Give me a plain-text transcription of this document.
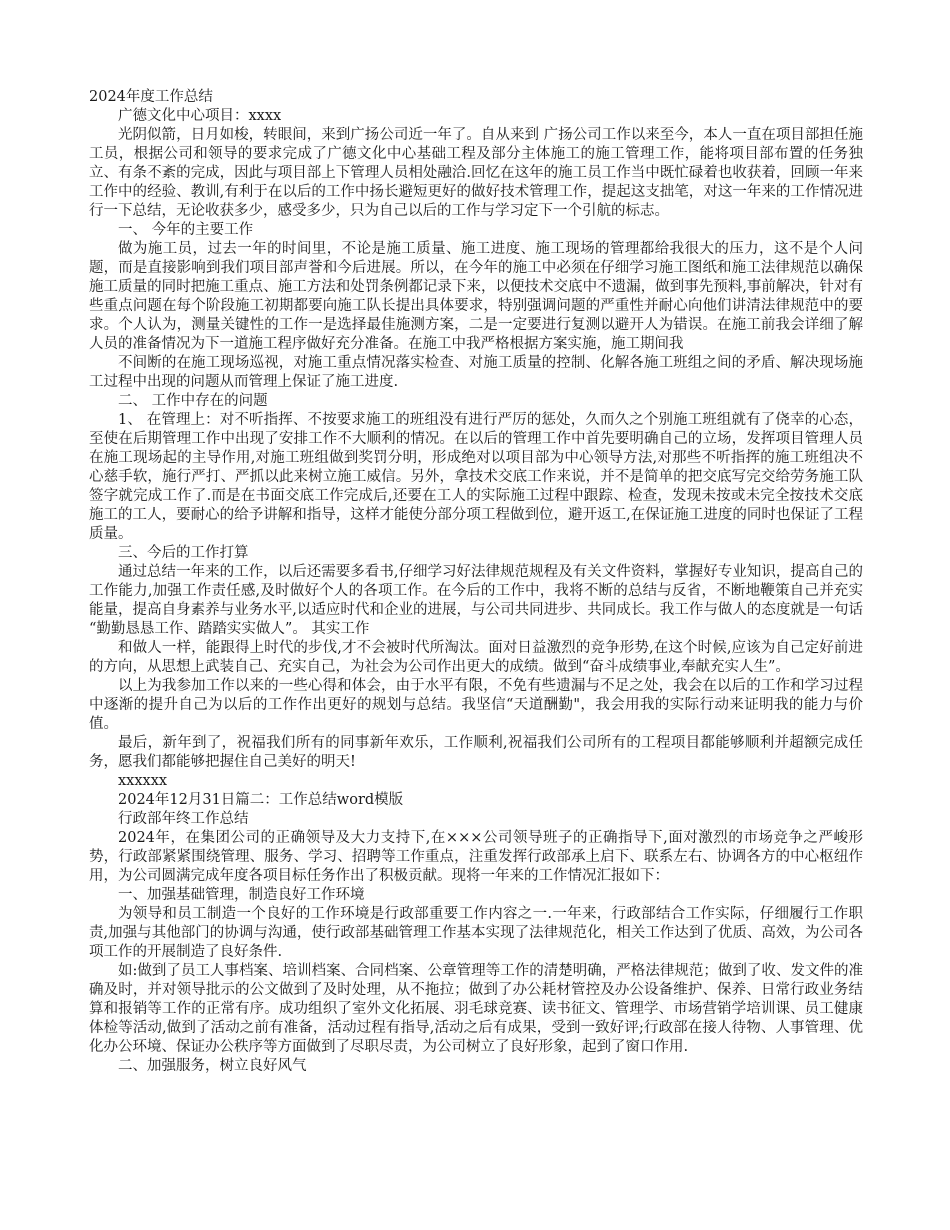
2024年度工作总结

广德文化中心项目：xxxx

光阴似箭，日月如梭，转眼间，来到广扬公司近一年了。自从来到 广扬公司工作以来至今，本人一直在项目部担任施工员，根据公司和领导的要求完成了广德文化中心基础工程及部分主体施工的施工管理工作，能将项目部布置的任务独立、有条不紊的完成，因此与项目部上下管理人员相处融洽.回忆在这年的施工员工作当中既忙碌着也收获着，回顾一年来工作中的经验、教训,有利于在以后的工作中扬长避短更好的做好技术管理工作，提起这支拙笔，对这一年来的工作情况进行一下总结，无论收获多少，感受多少，只为自己以后的工作与学习定下一个引航的标志。

一、 今年的主要工作

做为施工员，过去一年的时间里，不论是施工质量、施工进度、施工现场的管理都给我很大的压力，这不是个人问题，而是直接影响到我们项目部声誉和今后进展。所以，在今年的施工中必须在仔细学习施工图纸和施工法律规范以确保施工质量的同时把施工重点、施工方法和处罚条例都记录下来，以便技术交底中不遗漏，做到事先预料,事前解决，针对有些重点问题在每个阶段施工初期都要向施工队长提出具体要求，特别强调问题的严重性并耐心向他们讲清法律规范中的要求。个人认为，测量关键性的工作一是选择最佳施测方案，二是一定要进行复测以避开人为错误。在施工前我会详细了解人员的准备情况为下一道施工程序做好充分准备。在施工中我严格根据方案实施，施工期间我

不间断的在施工现场巡视，对施工重点情况落实检查、对施工质量的控制、化解各施工班组之间的矛盾、解决现场施工过程中出现的问题从而管理上保证了施工进度.

二、 工作中存在的问题

1、 在管理上：对不听指挥、不按要求施工的班组没有进行严厉的惩处，久而久之个别施工班组就有了侥幸的心态，至使在后期管理工作中出现了安排工作不大顺利的情况。在以后的管理工作中首先要明确自己的立场，发挥项目管理人员在施工现场起的主导作用,对施工班组做到奖罚分明，形成绝对以项目部为中心领导方法,对那些不听指挥的施工班组决不心慈手软，施行严打、严抓以此来树立施工威信。另外，拿技术交底工作来说，并不是简单的把交底写完交给劳务施工队签字就完成工作了.而是在书面交底工作完成后,还要在工人的实际施工过程中跟踪、检查，发现未按或未完全按技术交底施工的工人，要耐心的给予讲解和指导，这样才能使分部分项工程做到位，避开返工,在保证施工进度的同时也保证了工程质量。

三、今后的工作打算

通过总结一年来的工作，以后还需要多看书,仔细学习好法律规范规程及有关文件资料，掌握好专业知识，提高自己的工作能力,加强工作责任感,及时做好个人的各项工作。在今后的工作中，我将不断的总结与反省，不断地鞭策自己并充实能量，提高自身素养与业务水平,以适应时代和企业的进展，与公司共同进步、共同成长。我工作与做人的态度就是一句话 “勤勤恳恳工作、踏踏实实做人”。 其实工作

和做人一样，能跟得上时代的步伐,才不会被时代所淘汰。面对日益激烈的竞争形势,在这个时候,应该为自己定好前进的方向，从思想上武装自己、充实自己，为社会为公司作出更大的成绩。做到“奋斗成绩事业,奉献充实人生”。

以上为我参加工作以来的一些心得和体会，由于水平有限，不免有些遗漏与不足之处，我会在以后的工作和学习过程中逐渐的提升自己为以后的工作作出更好的规划与总结。我坚信“天道酬勤"，我会用我的实际行动来证明我的能力与价值。

最后，新年到了，祝福我们所有的同事新年欢乐，工作顺利,祝福我们公司所有的工程项目都能够顺利并超额完成任务，愿我们都能够把握住自己美好的明天!

xxxxxx

2024年12月31日篇二：工作总结word模版

行政部年终工作总结

2024年，在集团公司的正确领导及大力支持下,在×××公司领导班子的正确指导下,面对激烈的市场竞争之严峻形势，行政部紧紧围绕管理、服务、学习、招聘等工作重点，注重发挥行政部承上启下、联系左右、协调各方的中心枢纽作用，为公司圆满完成年度各项目标任务作出了积极贡献。现将一年来的工作情况汇报如下：

一、加强基础管理，制造良好工作环境

为领导和员工制造一个良好的工作环境是行政部重要工作内容之一.一年来，行政部结合工作实际，仔细履行工作职责,加强与其他部门的协调与沟通，使行政部基础管理工作基本实现了法律规范化，相关工作达到了优质、高效，为公司各项工作的开展制造了良好条件.

如:做到了员工人事档案、培训档案、合同档案、公章管理等工作的清楚明确，严格法律规范；做到了收、发文件的准确及时，并对领导批示的公文做到了及时处理，从不拖拉；做到了办公耗材管控及办公设备维护、保养、日常行政业务结算和报销等工作的正常有序。成功组织了室外文化拓展、羽毛球竞赛、读书征文、管理学、市场营销学培训课、员工健康体检等活动,做到了活动之前有准备，活动过程有指导,活动之后有成果，受到一致好评;行政部在接人待物、人事管理、优化办公环境、保证办公秩序等方面做到了尽职尽责，为公司树立了良好形象，起到了窗口作用.

二、加强服务，树立良好风气
